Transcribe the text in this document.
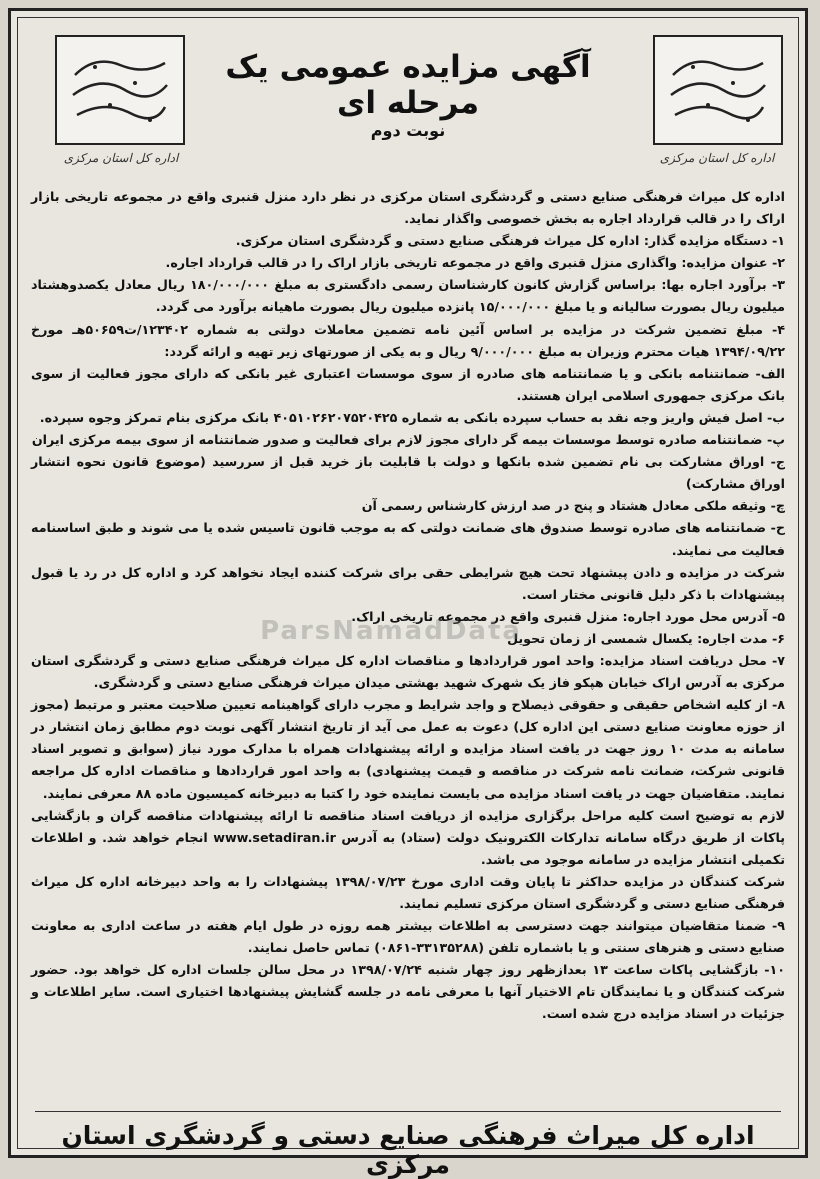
اداره کل استان مرکزی
اداره کل استان مرکزی
آگهی مزایده عمومی یک مرحله ای
نوبت دوم

اداره کل میراث فرهنگی صنایع دستی و گردشگری استان مرکزی در نظر دارد منزل قنبری واقع در مجموعه تاریخی بازار اراک را در قالب قرارداد اجاره به بخش خصوصی واگذار نماید.

۱- دستگاه مزایده گذار: اداره کل میراث فرهنگی صنایع دستی و گردشگری استان مرکزی.

۲- عنوان مزایده: واگذاری منزل قنبری واقع در مجموعه تاریخی بازار اراک را در قالب قرارداد اجاره.

۳- برآورد اجاره بها: براساس گزارش کانون کارشناسان رسمی دادگستری به مبلغ ۱۸۰/۰۰۰/۰۰۰ ریال معادل یکصدوهشتاد میلیون ریال بصورت سالیانه و یا مبلغ ۱۵/۰۰۰/۰۰۰ پانزده میلیون ریال بصورت ماهیانه برآورد می گردد.

۴- مبلغ تضمین شرکت در مزایده بر اساس آئین نامه تضمین معاملات دولتی به شماره ۱۲۳۴۰۲/ت۵۰۶۵۹هـ مورخ ۱۳۹۴/۰۹/۲۲ هیات محترم وزیران به مبلغ ۹/۰۰۰/۰۰۰ ریال و به یکی از صورتهای زیر تهیه و ارائه گردد:

الف- ضمانتنامه بانکی و یا ضمانتنامه های صادره از سوی موسسات اعتباری غیر بانکی که دارای مجوز فعالیت از سوی بانک مرکزی جمهوری اسلامی ایران هستند.

ب- اصل فیش واریز وجه نقد به حساب سپرده بانکی به شماره ۴۰۵۱۰۲۶۲۰۷۵۲۰۴۲۵ بانک مرکزی بنام تمرکز وجوه سپرده.

پ- ضمانتنامه صادره توسط موسسات بیمه گر دارای مجوز لازم برای فعالیت و صدور ضمانتنامه از سوی بیمه مرکزی ایران

ج- اوراق مشارکت بی نام تضمین شده بانکها و دولت با قابلیت باز خرید قبل از سررسید (موضوع قانون نحوه انتشار اوراق مشارکت)

چ- وثیقه ملکی معادل هشتاد و پنج در صد ارزش کارشناس رسمی آن

ح- ضمانتنامه های صادره توسط صندوق های ضمانت دولتی که به موجب قانون تاسیس شده یا می شوند و طبق اساسنامه فعالیت می نمایند.

شرکت در مزایده و دادن پیشنهاد تحت هیچ شرایطی حقی برای شرکت کننده ایجاد نخواهد کرد و اداره کل در رد یا قبول پیشنهادات با ذکر دلیل قانونی مختار است.

۵- آدرس محل مورد اجاره: منزل قنبری واقع در مجموعه تاریخی اراک.

۶- مدت اجاره: یکسال شمسی از زمان تحویل

۷- محل دریافت اسناد مزایده: واحد امور قراردادها و مناقصات اداره کل میراث فرهنگی صنایع دستی و گردشگری استان مرکزی به آدرس اراک خیابان هپکو فاز یک شهرک شهید بهشتی میدان میراث فرهنگی صنایع دستی و گردشگری.

۸- از کلیه اشخاص حقیقی و حقوقی ذیصلاح و واجد شرایط و مجرب دارای گواهینامه تعیین صلاحیت معتبر و مرتبط (مجوز از حوزه معاونت صنایع دستی این اداره کل) دعوت به عمل می آید از تاریخ انتشار آگهی نوبت دوم مطابق زمان انتشار در سامانه به مدت ۱۰ روز جهت در یافت اسناد مزایده و ارائه پیشنهادات همراه با مدارک مورد نیاز (سوابق و تصویر اسناد قانونی شرکت، ضمانت نامه شرکت در مناقصه و قیمت پیشنهادی) به واحد امور قراردادها و مناقصات اداره کل مراجعه نمایند. متقاضیان جهت در یافت اسناد مزایده می بایست نماینده خود را کتبا به دبیرخانه کمیسیون ماده ۸۸ معرفی نمایند.

لازم به توضیح است کلیه مراحل برگزاری مزایده از دریافت اسناد مناقصه تا ارائه پیشنهادات مناقصه گران و بازگشایی پاکات از طریق درگاه سامانه تدارکات الکترونیک دولت (ستاد) به آدرس www.setadiran.ir انجام خواهد شد. و اطلاعات تکمیلی انتشار مزایده در سامانه موجود می باشد.

شرکت کنندگان در مزایده حداکثر تا پایان وقت اداری مورخ ۱۳۹۸/۰۷/۲۳ پیشنهادات را به واحد دبیرخانه اداره کل میراث فرهنگی صنایع دستی و گردشگری استان مرکزی تسلیم نمایند.

۹- ضمنا متقاضیان میتوانند جهت دسترسی به اطلاعات بیشتر همه روزه در طول ایام هفته در ساعت اداری به معاونت صنایع دستی و هنرهای سنتی و یا باشماره تلفن (۳۳۱۳۵۲۸۸-۰۸۶۱) تماس حاصل نمایند.

۱۰- بازگشایی پاکات ساعت ۱۳ بعدازظهر روز چهار شنبه ۱۳۹۸/۰۷/۲۴ در محل سالن جلسات اداره کل خواهد بود. حضور شرکت کنندگان و یا نمایندگان تام الاختیار آنها با معرفی نامه در جلسه گشایش پیشنهادها اختیاری است. سایر اطلاعات و جزئیات در اسناد مزایده درج شده است.

ParsNamadData
اداره کل میراث فرهنگی صنایع دستی و گردشگری استان مرکزی
